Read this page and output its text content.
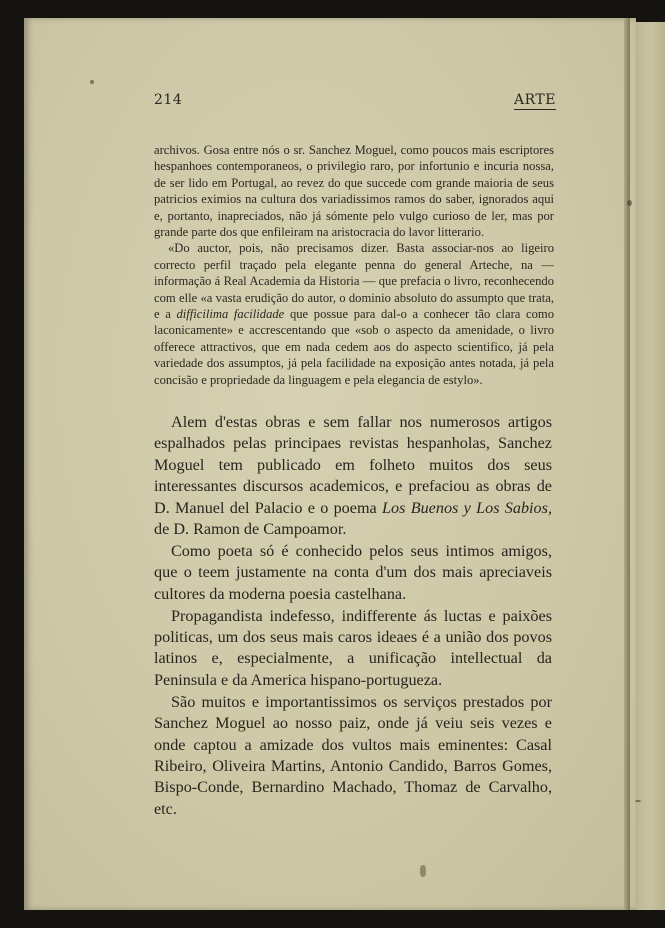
214	ARTE

archivos. Gosa entre nós o sr. Sanchez Moguel, como poucos mais escriptores hespanhoes contemporaneos, o privilegio raro, por infortunio e incuria nossa, de ser lido em Portugal, ao revez do que succede com grande maioria de seus patricios eximios na cultura dos variadissimos ramos do saber, ignorados aqui e, portanto, inapreciados, não já sómente pelo vulgo curioso de ler, mas por grande parte dos que enfileiram na aristocracia do lavor litterario.

«Do auctor, pois, não precisamos dizer. Basta associar-nos ao ligeiro correcto perfil traçado pela elegante penna do general Arteche, na — informação á Real Academia da Historia — que prefacia o livro, reconhecendo com elle «a vasta erudição do autor, o dominio absoluto do assumpto que trata, e a difficilima facilidade que possue para dal-o a conhecer tão clara como laconicamente» e accrescentando que «sob o aspecto da amenidade, o livro offerece attractivos, que em nada cedem aos do aspecto scientifico, já pela variedade dos assumptos, já pela facilidade na exposição antes notada, já pela concisão e propriedade da linguagem e pela elegancia de estylo».

Alem d'estas obras e sem fallar nos numerosos artigos espalhados pelas principaes revistas hespanholas, Sanchez Moguel tem publicado em folheto muitos dos seus interessantes discursos academicos, e prefaciou as obras de D. Manuel del Palacio e o poema Los Buenos y Los Sabios, de D. Ramon de Campoamor.

Como poeta só é conhecido pelos seus intimos amigos, que o teem justamente na conta d'um dos mais apreciaveis cultores da moderna poesia castelhana.

Propagandista indefesso, indifferente ás luctas e paixões politicas, um dos seus mais caros ideaes é a união dos povos latinos e, especialmente, a unificação intellectual da Peninsula e da America hispano-portugueza.

São muitos e importantissimos os serviços prestados por Sanchez Moguel ao nosso paiz, onde já veiu seis vezes e onde captou a amizade dos vultos mais eminentes: Casal Ribeiro, Oliveira Martins, Antonio Candido, Barros Gomes, Bispo-Conde, Bernardino Machado, Thomaz de Carvalho, etc.
